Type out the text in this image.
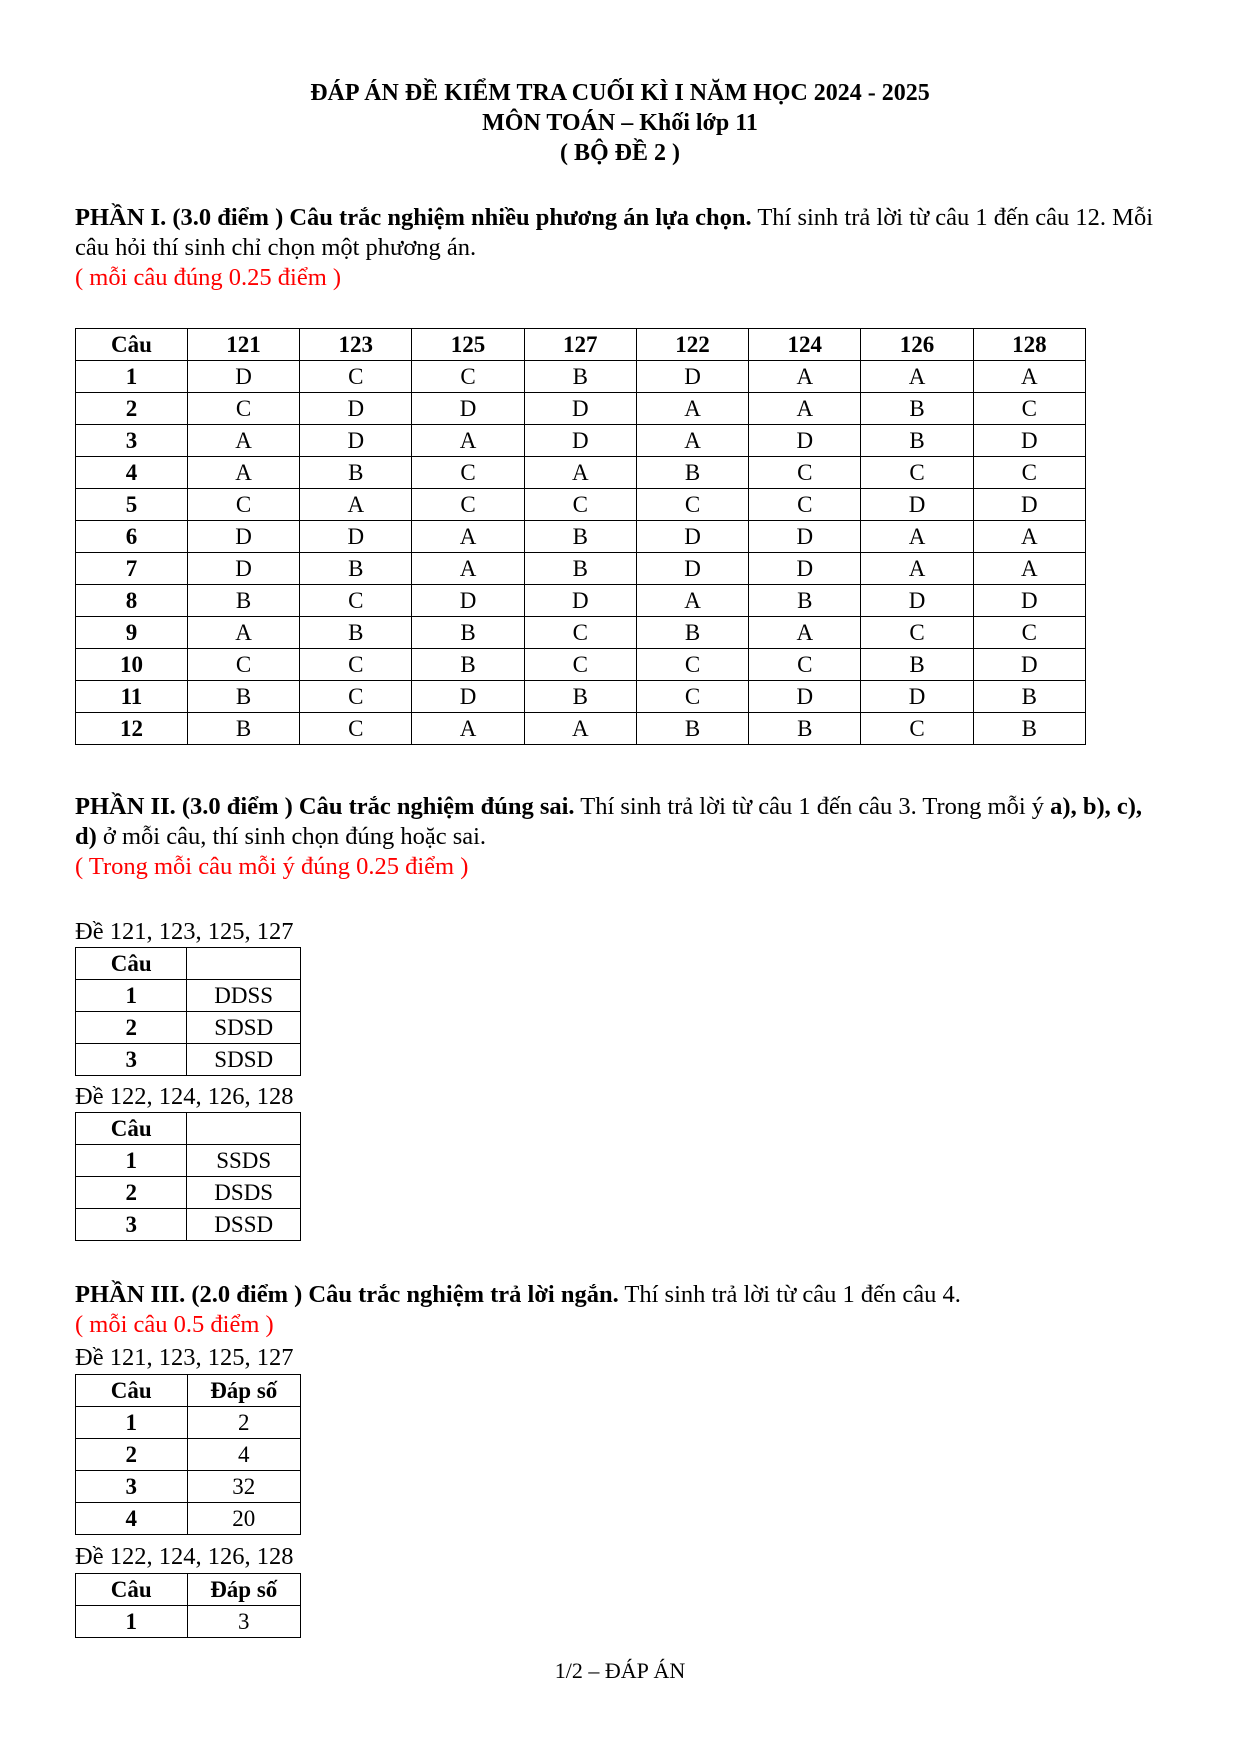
ĐÁP ÁN ĐỀ KIỂM TRA CUỐI KÌ I NĂM HỌC 2024 - 2025
MÔN TOÁN – Khối lớp 11
( BỘ ĐỀ 2 )
PHẦN I. (3.0 điểm ) Câu trắc nghiệm nhiều phương án lựa chọn. Thí sinh trả lời từ câu 1 đến câu 12. Mỗi câu hỏi thí sinh chỉ chọn một phương án.
( mỗi câu đúng 0.25 điểm )
Câu	121	123	125	127	122	124	126	128
1	D	C	C	B	D	A	A	A
2	C	D	D	D	A	A	B	C
3	A	D	A	D	A	D	B	D
4	A	B	C	A	B	C	C	C
5	C	A	C	C	C	C	D	D
6	D	D	A	B	D	D	A	A
7	D	B	A	B	D	D	A	A
8	B	C	D	D	A	B	D	D
9	A	B	B	C	B	A	C	C
10	C	C	B	C	C	C	B	D
11	B	C	D	B	C	D	D	B
12	B	C	A	A	B	B	C	B
PHẦN II. (3.0 điểm ) Câu trắc nghiệm đúng sai. Thí sinh trả lời từ câu 1 đến câu 3. Trong mỗi ý a), b), c), d) ở mỗi câu, thí sinh chọn đúng hoặc sai.
( Trong mỗi câu mỗi ý đúng 0.25 điểm )
Đề 121, 123, 125, 127
Câu	
1	DDSS
2	SDSD
3	SDSD
Đề 122, 124, 126, 128
Câu	
1	SSDS
2	DSDS
3	DSSD
PHẦN III. (2.0 điểm ) Câu trắc nghiệm trả lời ngắn. Thí sinh trả lời từ câu 1 đến câu 4.
( mỗi câu 0.5 điểm )
Đề 121, 123, 125, 127
Câu	Đáp số
1	2
2	4
3	32
4	20
Đề 122, 124, 126, 128
Câu	Đáp số
1	3
1/2 – ĐÁP ÁN
